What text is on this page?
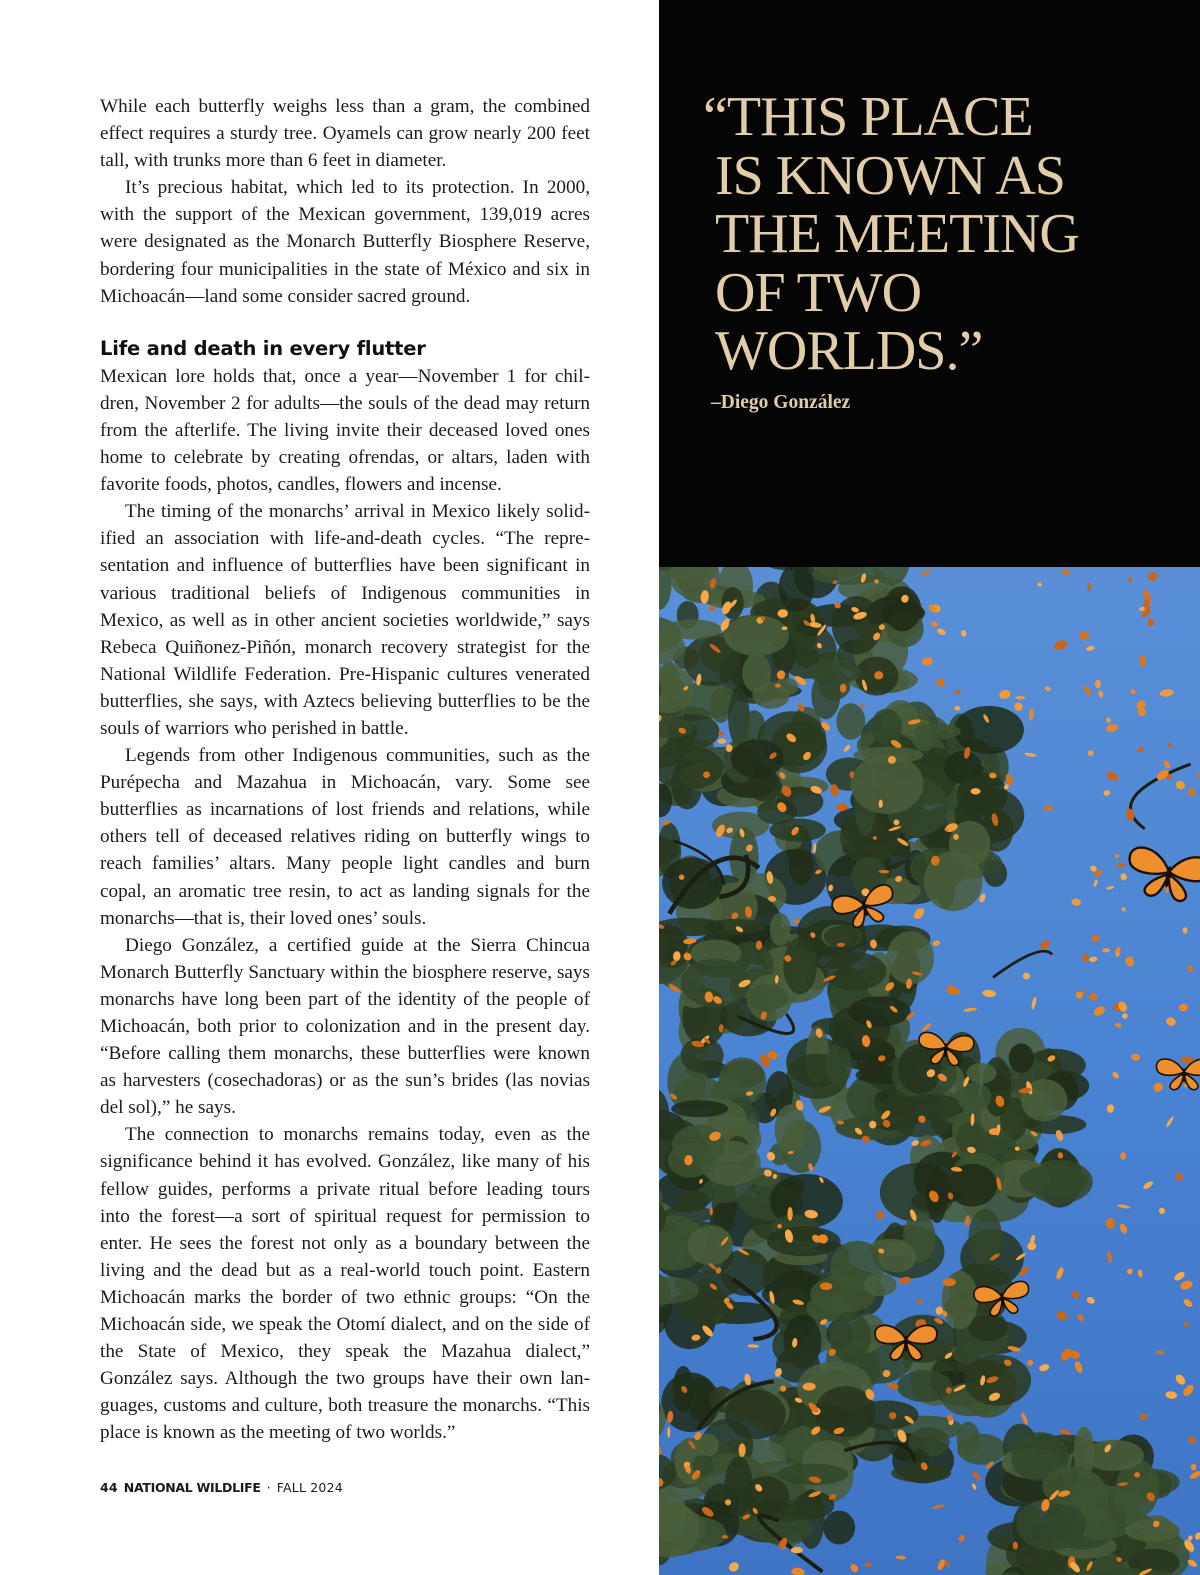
While each butterfly weighs less than a gram, the combined effect requires a sturdy tree. Oyamels can grow nearly 200 feet tall, with trunks more than 6 feet in diameter.

It’s precious habitat, which led to its protection. In 2000, with the support of the Mexican government, 139,019 acres were designated as the Monarch Butterfly Biosphere Reserve, bordering four municipalities in the state of México and six in Michoacán—land some consider sacred ground.

Life and death in every flutter

Mexican lore holds that, once a year—November 1 for children, November 2 for adults—the souls of the dead may return from the afterlife. The living invite their deceased loved ones home to celebrate by creating ofrendas, or altars, laden with favorite foods, photos, candles, flowers and incense.

The timing of the monarchs’ arrival in Mexico likely solidified an association with life-and-death cycles. “The representation and influence of butterflies have been significant in various traditional beliefs of Indigenous communities in Mexico, as well as in other ancient societies worldwide,” says Rebeca Quiñonez-Piñón, monarch recovery strategist for the National Wildlife Federation. Pre-Hispanic cultures venerated butterflies, she says, with Aztecs believing butterflies to be the souls of warriors who perished in battle.

Legends from other Indigenous communities, such as the Purépecha and Mazahua in Michoacán, vary. Some see butterflies as incarnations of lost friends and relations, while others tell of deceased relatives riding on butterfly wings to reach families’ altars. Many people light candles and burn copal, an aromatic tree resin, to act as landing signals for the monarchs—that is, their loved ones’ souls.

Diego González, a certified guide at the Sierra Chincua Monarch Butterfly Sanctuary within the biosphere reserve, says monarchs have long been part of the identity of the people of Michoacán, both prior to colonization and in the present day. “Before calling them monarchs, these butterflies were known as harvesters (cosechadoras) or as the sun’s brides (las novias del sol),” he says.

The connection to monarchs remains today, even as the significance behind it has evolved. González, like many of his fellow guides, performs a private ritual before leading tours into the forest—a sort of spiritual request for permission to enter. He sees the forest not only as a boundary between the living and the dead but as a real-world touch point. Eastern Michoacán marks the border of two ethnic groups: “On the Michoacán side, we speak the Otomí dialect, and on the side of the State of Mexico, they speak the Mazahua dialect,” González says. Although the two groups have their own languages, customs and culture, both treasure the monarchs. “This place is known as the meeting of two worlds.”

44 NATIONAL WILDLIFE · FALL 2024
“THIS PLACE
IS KNOWN AS
THE MEETING
OF TWO
WORLDS.”
–Diego González
